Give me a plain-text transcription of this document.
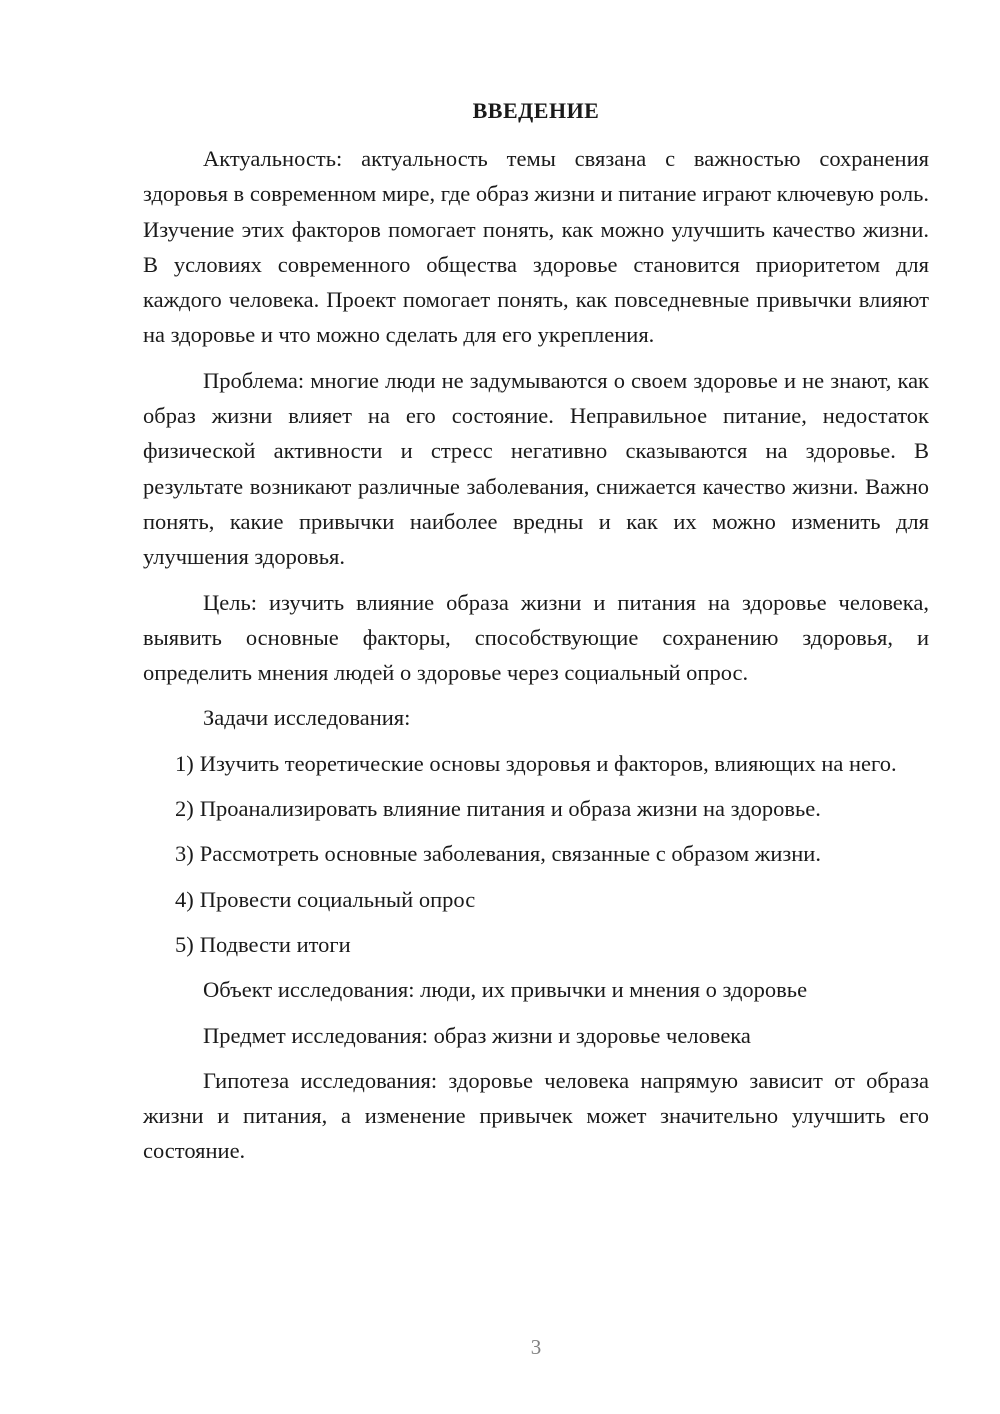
ВВЕДЕНИЕ

Актуальность: актуальность темы связана с важностью сохранения здоровья в современном мире, где образ жизни и питание играют ключевую роль. Изучение этих факторов помогает понять, как можно улучшить качество жизни. В условиях современного общества здоровье становится приоритетом для каждого человека. Проект помогает понять, как повседневные привычки влияют на здоровье и что можно сделать для его укрепления.

Проблема: многие люди не задумываются о своем здоровье и не знают, как образ жизни влияет на его состояние. Неправильное питание, недостаток физической активности и стресс негативно сказываются на здоровье. В результате возникают различные заболевания, снижается качество жизни. Важно понять, какие привычки наиболее вредны и как их можно изменить для улучшения здоровья.

Цель: изучить влияние образа жизни и питания на здоровье человека, выявить основные факторы, способствующие сохранению здоровья, и определить мнения людей о здоровье через социальный опрос.

Задачи исследования:

1) Изучить теоретические основы здоровья и факторов, влияющих на него.

2) Проанализировать влияние питания и образа жизни на здоровье.

3) Рассмотреть основные заболевания, связанные с образом жизни.

4) Провести социальный опрос

5) Подвести итоги

Объект исследования: люди, их привычки и мнения о здоровье

Предмет исследования: образ жизни и здоровье человека

Гипотеза исследования: здоровье человека напрямую зависит от образа жизни и питания, а изменение привычек может значительно улучшить его состояние.

3
